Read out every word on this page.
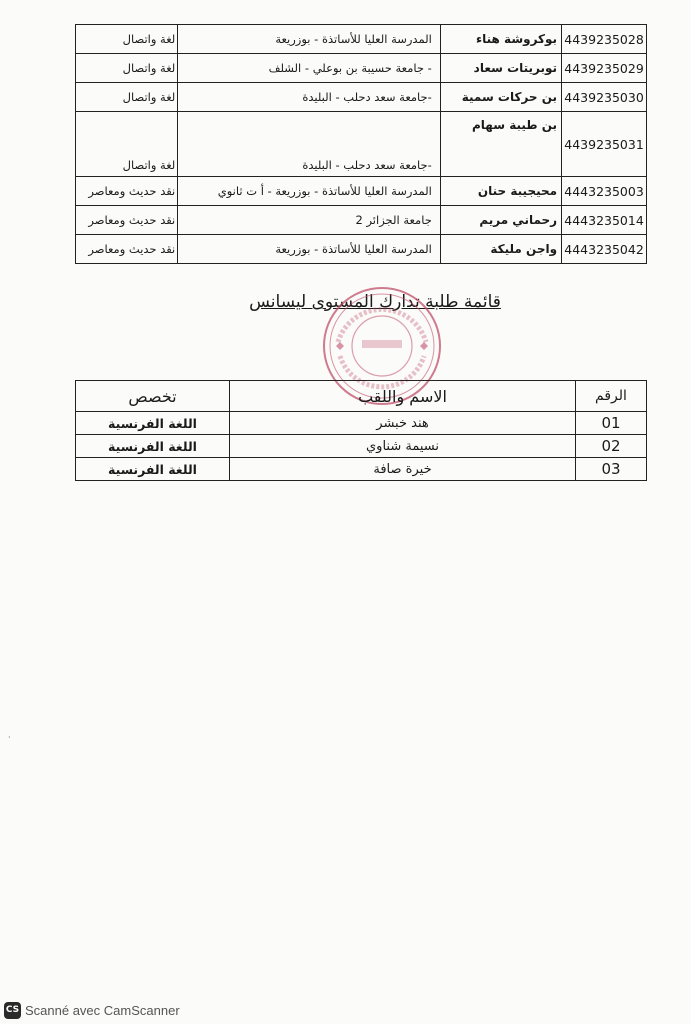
لغة واتصال	المدرسة العليا للأساتذة - بوزريعة	بوكروشة هناء	4439235028
لغة واتصال	جامعة حسيبة بن بوعلي - الشلف -	توبريتات سعاد	4439235029
لغة واتصال	جامعة سعد دحلب - البليدة-	بن حركات سمية	4439235030
لغة واتصال	جامعة سعد دحلب - البليدة-	بن طيبة سهام	4439235031
نقد حديث ومعاصر	المدرسة العليا للأساتذة - بوزريعة - أ ت ثانوي	محيجيبة حنان	4443235003
نقد حديث ومعاصر	جامعة الجزائر 2	رحماني مريم	4443235014
نقد حديث ومعاصر	المدرسة العليا للأساتذة - بوزريعة	واجن مليكة	4443235042
قائمة طلبة تدارك المستوى ليسانس
تخصص	الاسم واللقب	الرقم
اللغة الفرنسية	هند خبشر	01
اللغة الفرنسية	نسيمة شناوي	02
اللغة الفرنسية	خيرة صافة	03
⸳
CS Scanné avec CamScanner
